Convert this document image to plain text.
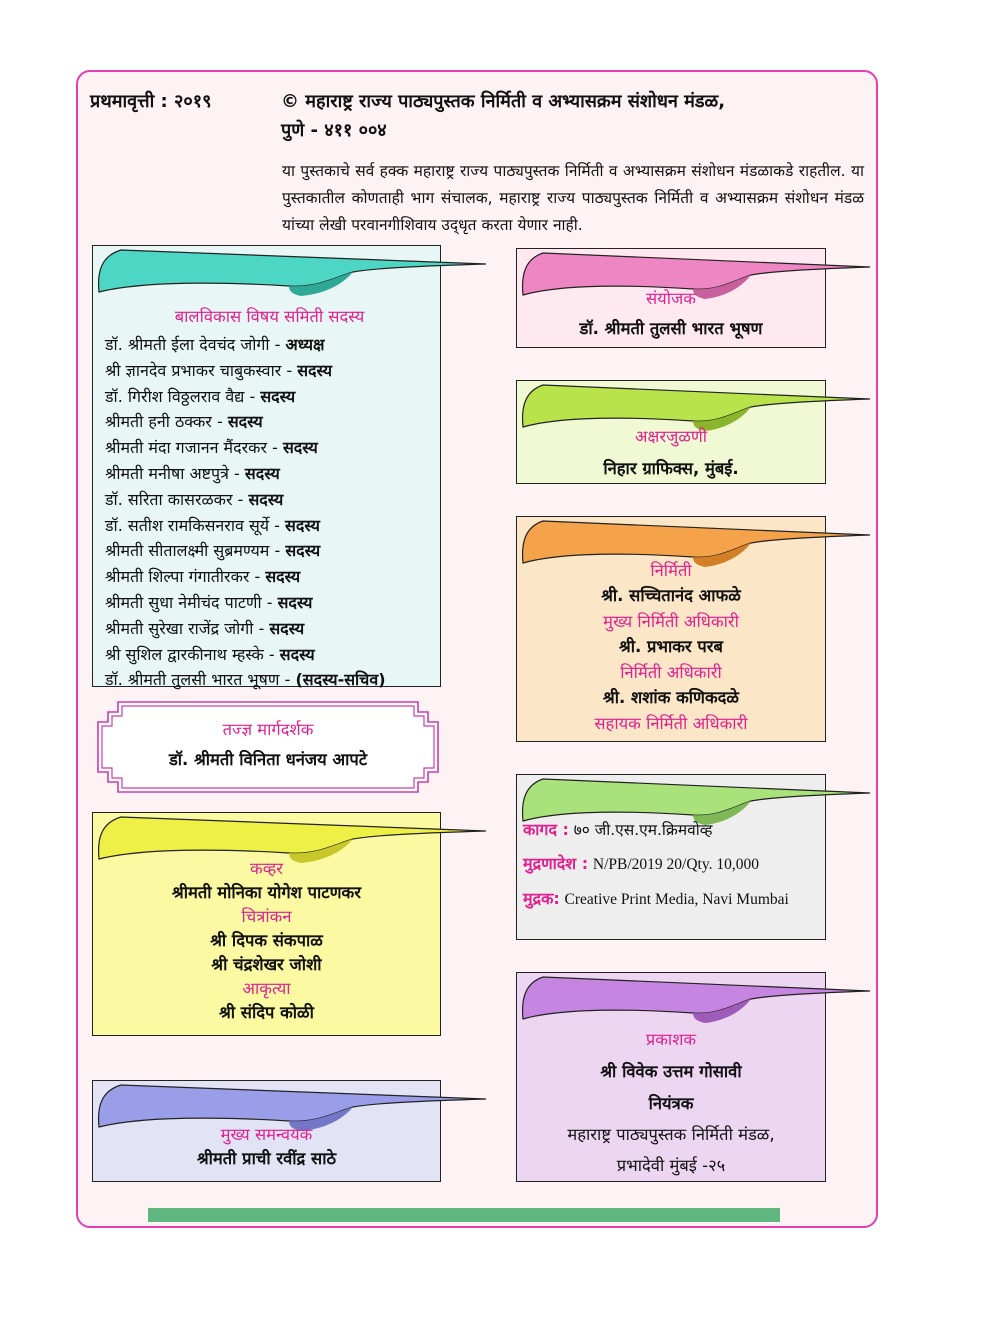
प्रथमावृत्ती : २०१९	© महाराष्ट्र राज्य पाठ्यपुस्तक निर्मिती व अभ्यासक्रम संशोधन मंडळ,
पुणे - ४११ ००४
या पुस्तकाचे सर्व हक्क महाराष्ट्र राज्य पाठ्यपुस्तक निर्मिती व अभ्यासक्रम संशोधन मंडळाकडे राहतील. या पुस्तकातील कोणताही भाग संचालक, महाराष्ट्र राज्य पाठ्यपुस्तक निर्मिती व अभ्यासक्रम संशोधन मंडळ यांच्या लेखी परवानगीशिवाय उद्‌धृत करता येणार नाही.
बालविकास विषय समिती सदस्य
डॉ. श्रीमती ईला देवचंद जोगी - अध्यक्ष
श्री ज्ञानदेव प्रभाकर चाबुकस्वार - सदस्य
डॉ. गिरीश विठ्ठलराव वैद्य - सदस्य
श्रीमती हनी ठक्कर - सदस्य
श्रीमती मंदा गजानन मैंदरकर - सदस्य
श्रीमती मनीषा अष्टपुत्रे - सदस्य
डॉ. सरिता कासरळकर - सदस्य
डॉ. सतीश रामकिसनराव सूर्ये - सदस्य
श्रीमती सीतालक्ष्मी सुब्रमण्यम - सदस्य
श्रीमती शिल्पा गंगातीरकर - सदस्य
श्रीमती सुधा नेमीचंद पाटणी - सदस्य
श्रीमती सुरेखा राजेंद्र जोगी - सदस्य
श्री सुशिल द्वारकीनाथ म्हस्के - सदस्य
डॉ. श्रीमती तुलसी भारत भूषण - (सदस्य-सचिव)
तज्ज्ञ मार्गदर्शक
डॉ. श्रीमती विनिता धनंजय आपटे
कव्हर
श्रीमती मोनिका योगेश पाटणकर
चित्रांकन
श्री दिपक संकपाळ
श्री चंद्रशेखर जोशी
आकृत्या
श्री संदिप कोळी
मुख्य समन्वयक
श्रीमती प्राची रवींद्र साठे
संयोजक
डॉ. श्रीमती तुलसी भारत भूषण
अक्षरजुळणी
निहार ग्राफिक्स, मुंबई.
निर्मिती
श्री. सच्चितानंद आफळे
मुख्य निर्मिती अधिकारी
श्री. प्रभाकर परब
निर्मिती अधिकारी
श्री. शशांक कणिकदळे
सहायक निर्मिती अधिकारी
कागद : ७० जी.एस.एम.क्रिमवोव्ह
मुद्रणादेश : N/PB/2019 20/Qty. 10,000
मुद्रक: Creative Print Media, Navi Mumbai
प्रकाशक
श्री विवेक उत्तम गोसावी
नियंत्रक
महाराष्ट्र पाठ्यपुस्तक निर्मिती मंडळ,
प्रभादेवी मुंबई -२५
